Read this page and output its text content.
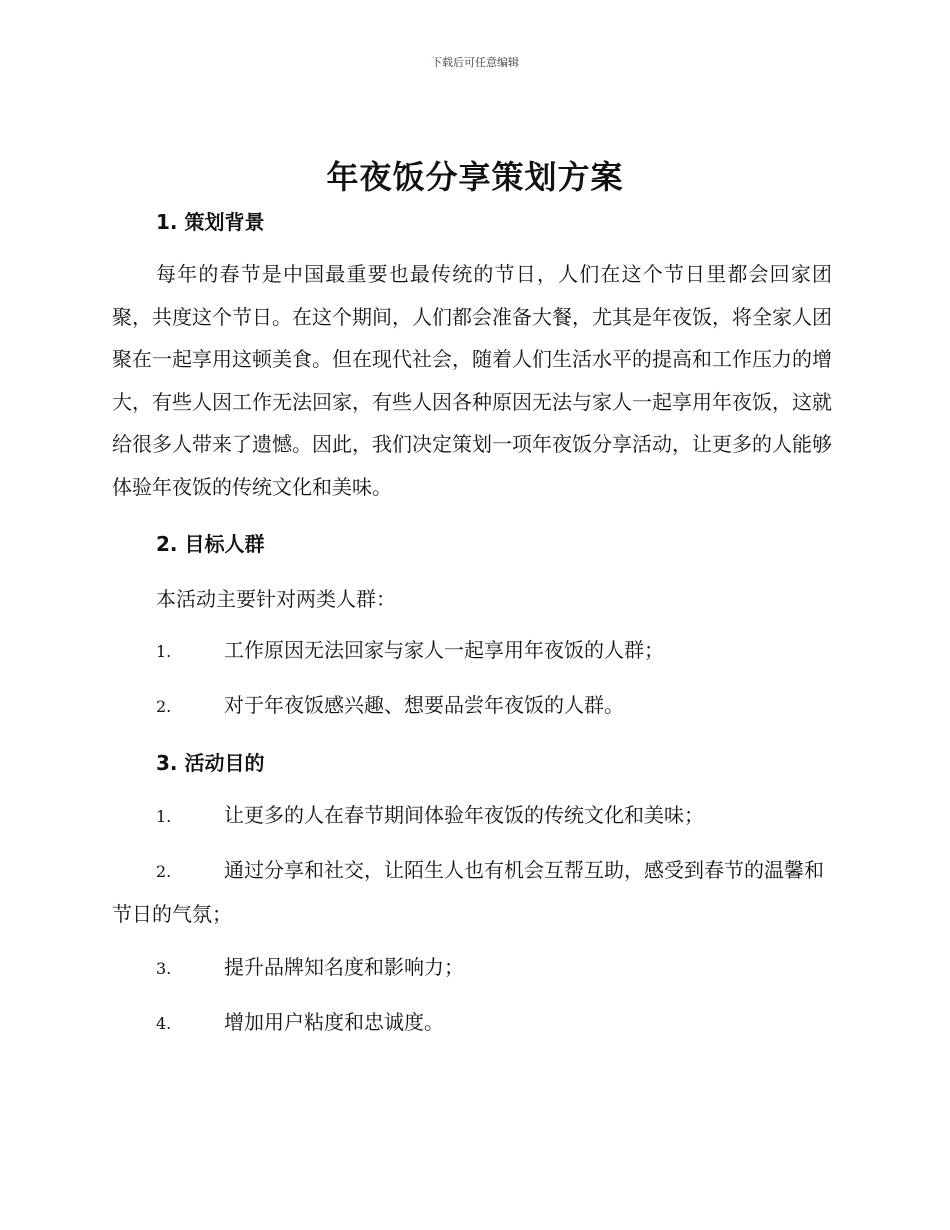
下载后可任意编辑
年夜饭分享策划方案
1. 策划背景

每年的春节是中国最重要也最传统的节日，人们在这个节日里都会回家团聚，共度这个节日。在这个期间，人们都会准备大餐，尤其是年夜饭，将全家人团聚在一起享用这顿美食。但在现代社会，随着人们生活水平的提高和工作压力的增大，有些人因工作无法回家，有些人因各种原因无法与家人一起享用年夜饭，这就给很多人带来了遗憾。因此，我们决定策划一项年夜饭分享活动，让更多的人能够体验年夜饭的传统文化和美味。

2. 目标人群

本活动主要针对两类人群：

1.	工作原因无法回家与家人一起享用年夜饭的人群；
2.	对于年夜饭感兴趣、想要品尝年夜饭的人群。
3. 活动目的
1.	让更多的人在春节期间体验年夜饭的传统文化和美味；
2.	通过分享和社交，让陌生人也有机会互帮互助，感受到春节的温馨和节日的气氛；
3.	提升品牌知名度和影响力；
4.	增加用户粘度和忠诚度。
